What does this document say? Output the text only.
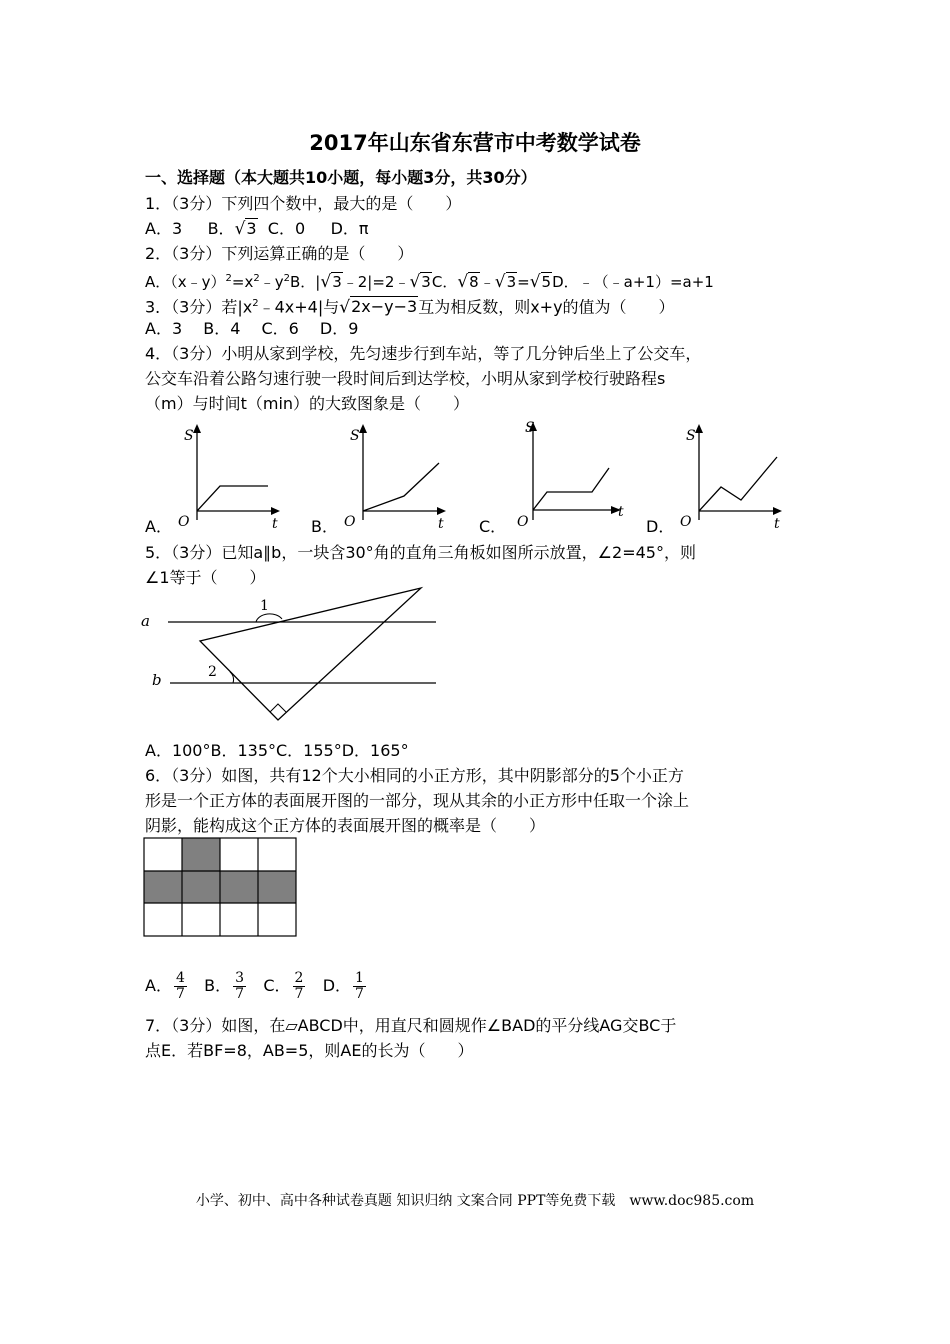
2017年山东省东营市中考数学试卷
一、选择题（本大题共10小题，每小题3分，共30分）
1．（3分）下列四个数中，最大的是（　　）
A．3 B．√3 C．0 D．π
2．（3分）下列运算正确的是（　　）
A．$(x﹣y)^2=x^2﹣y^2B$．|√3﹣2|=2﹣√3C．√8﹣√3=√5D．﹣（﹣a+1）=a+1
3．（3分）若$|x^2﹣4x+4|$与√2x−y−3互为相反数，则x+y的值为（　　）
A．3　 B．4　 C．6　 D．9
4．（3分）小明从家到学校，先匀速步行到车站，等了几分钟后坐上了公交车，
公交车沿着公路匀速行驶一段时间后到达学校，小明从家到学校行驶路程s
（m）与时间t（min）的大致图象是（　　）
A．
S
O	t B．
S
O	t C．
S
O
t
D．
S
O	t
5．（3分）已知a∥b，一块含30°角的直角三角板如图所示放置，∠2=45°，则
∠1等于（　　）
a
b
1
2
A．100°B．135°C．155°D．165°
6．（3分）如图，共有12个大小相同的小正方形，其中阴影部分的5个小正方
形是一个正方体的表面展开图的一部分，现从其余的小正方形中任取一个涂上
阴影，能构成这个正方体的表面展开图的概率是（　　）
A． $\frac{4}{7}$ B． $\frac{3}{7}$ C． $\frac{2}{7}$ D． $\frac{1}{7}$
7．（3分）如图，在▱ABCD中，用直尺和圆规作∠BAD的平分线AG交BC于
点E．若BF=8，AB=5，则AE的长为（　　）
小学、初中、高中各种试卷真题 知识归纳 文案合同 PPT等免费下载　www.doc985.com
